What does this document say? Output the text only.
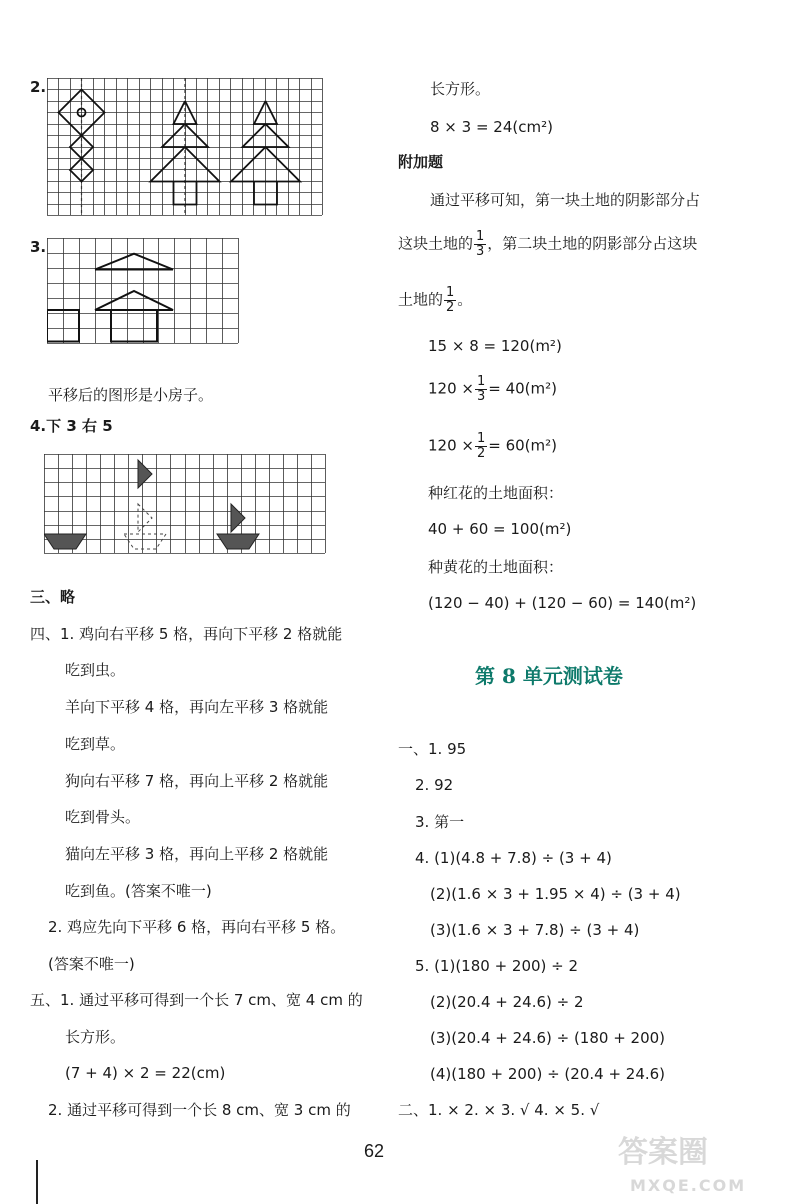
2.
3.
平移后的图形是小房子。
4.下 3 右 5
三、略
四、1. 鸡向右平移 5 格，再向下平移 2 格就能
吃到虫。
羊向下平移 4 格，再向左平移 3 格就能
吃到草。
狗向右平移 7 格，再向上平移 2 格就能
吃到骨头。
猫向左平移 3 格，再向上平移 2 格就能
吃到鱼。(答案不唯一)
2. 鸡应先向下平移 6 格，再向右平移 5 格。
(答案不唯一)
五、1. 通过平移可得到一个长 7 cm、宽 4 cm 的
长方形。
(7 + 4) × 2 = 22(cm)
2. 通过平移可得到一个长 8 cm、宽 3 cm 的
长方形。
8 × 3 = 24(cm²)
附加题
通过平移可知，第一块土地的阴影部分占
这块土地的 $\frac{1}{3}$ ，第二块土地的阴影部分占这块
土地的 $\frac{1}{2}$ 。
15 × 8 = 120(m²)
$120 \times \frac{1}{3} = 40(m^2)$
$120 \times \frac{1}{2} = 60(m^2)$
种红花的土地面积：
40 + 60 = 100(m²)
种黄花的土地面积：
(120 − 40) + (120 − 60) = 140(m²)
第 8 单元测试卷
一、1. 95
2. 92
3. 第一
4. (1)(4.8 + 7.8) ÷ (3 + 4)
(2)(1.6 × 3 + 1.95 × 4) ÷ (3 + 4)
(3)(1.6 × 3 + 7.8) ÷ (3 + 4)
5. (1)(180 + 200) ÷ 2
(2)(20.4 + 24.6) ÷ 2
(3)(20.4 + 24.6) ÷ (180 + 200)
(4)(180 + 200) ÷ (20.4 + 24.6)
二、1. × 2. × 3. √ 4. × 5. √
62	答案圈
MXQE.COM
